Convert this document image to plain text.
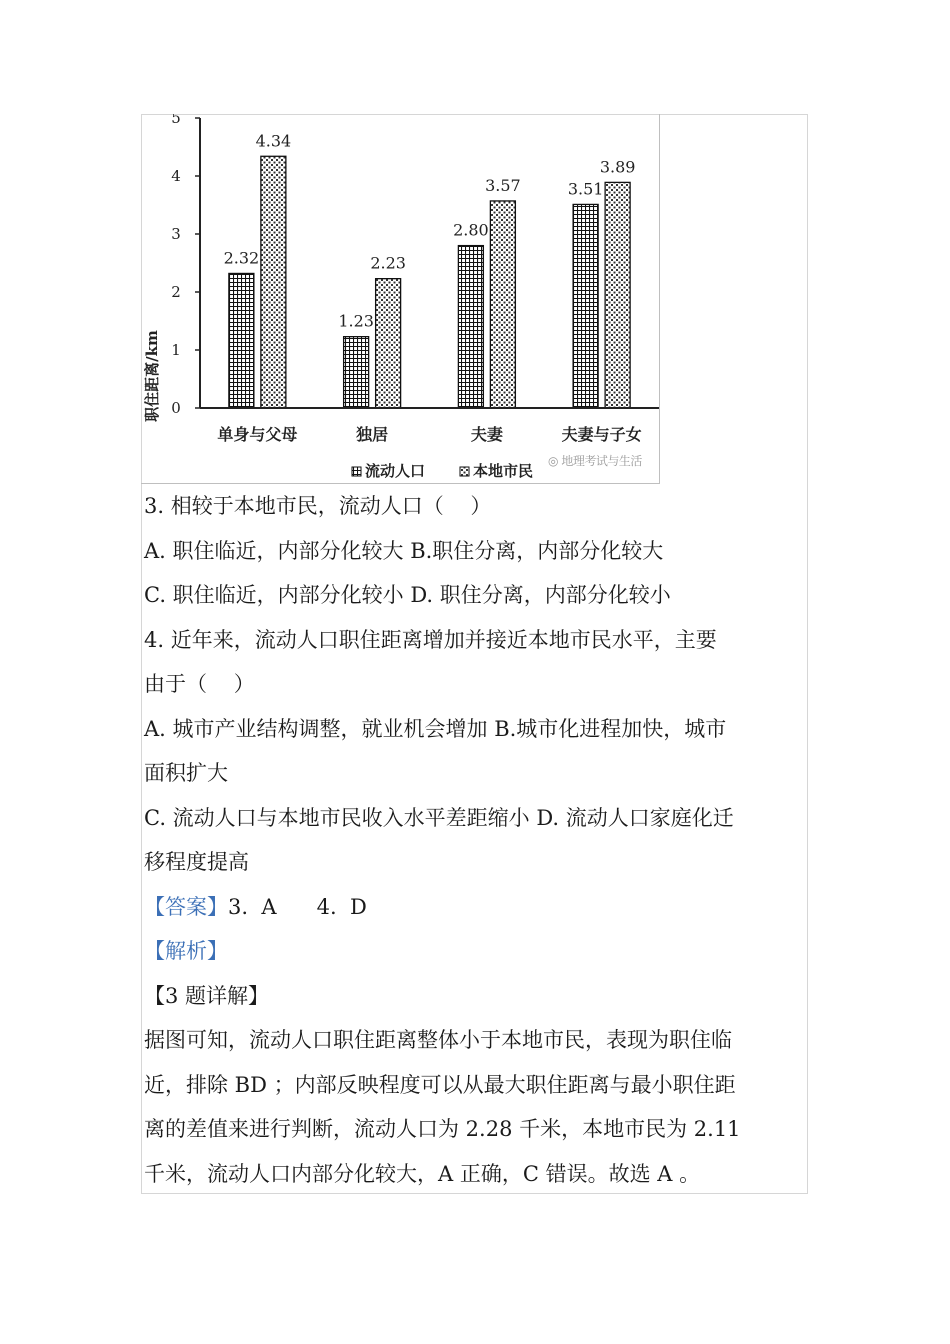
职住距离/km 0
1
2
3
4
5
2.32
4.34
1.23
2.23
2.80
3.57	3.51
3.89
单身与父母	独居	夫妻	夫妻与子女
流动人口	本地市民
◎ 地理考试与生活

3. 相较于本地市民，流动人口（    ）

A. 职住临近，内部分化较大 B.职住分离，内部分化较大

C. 职住临近，内部分化较小 D. 职住分离，内部分化较小

4. 近年来，流动人口职住距离增加并接近本地市民水平，主要

由于（    ）

A. 城市产业结构调整，就业机会增加 B.城市化进程加快，城市

面积扩大

C. 流动人口与本地市民收入水平差距缩小 D. 流动人口家庭化迁

移程度提高

【答案】3.  A      4.  D

【解析】

【3 题详解】

据图可知，流动人口职住距离整体小于本地市民，表现为职住临

近，排除 BD ；内部反映程度可以从最大职住距离与最小职住距

离的差值来进行判断，流动人口为 2.28 千米，本地市民为 2.11

千米，流动人口内部分化较大，A 正确，C 错误。故选 A 。
